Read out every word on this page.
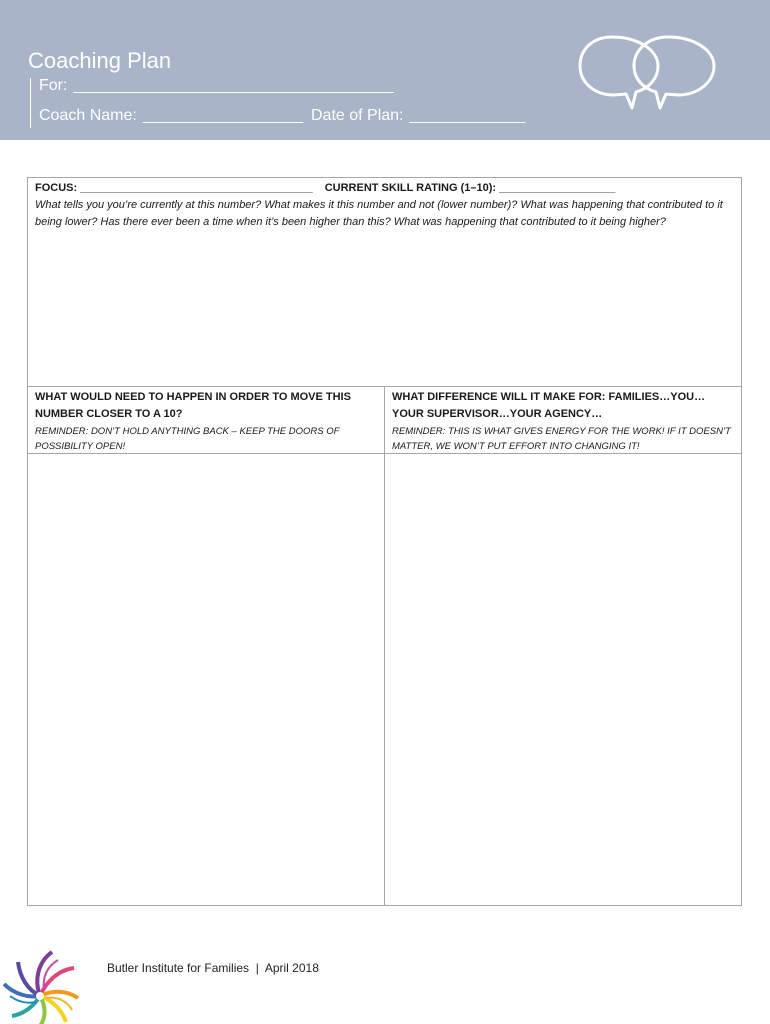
Coaching Plan
For: ____________________________________
Coach Name: __________________ Date of Plan: _____________
FOCUS: ______________________________________ CURRENT SKILL RATING (1–10): ___________________
What tells you you’re currently at this number? What makes it this number and not (lower number)? What was happening that contributed to it being lower? Has there ever been a time when it’s been higher than this? What was happening that contributed to it being higher?
WHAT WOULD NEED TO HAPPEN IN ORDER TO MOVE THIS NUMBER CLOSER TO A 10?
REMINDER: DON’T HOLD ANYTHING BACK – KEEP THE DOORS OF POSSIBILITY OPEN!
WHAT DIFFERENCE WILL IT MAKE FOR: FAMILIES…YOU…YOUR SUPERVISOR…YOUR AGENCY…
REMINDER: THIS IS WHAT GIVES ENERGY FOR THE WORK! IF IT DOESN’T MATTER, WE WON’T PUT EFFORT INTO CHANGING IT!
Butler Institute for Families  |  April 2018
